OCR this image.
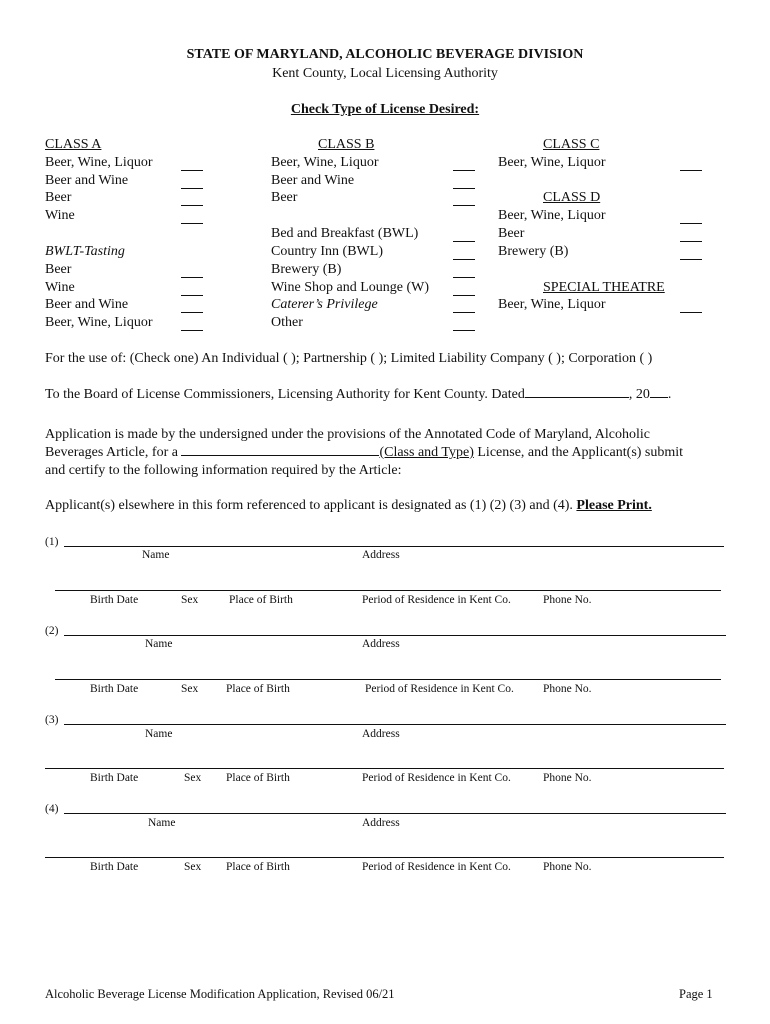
STATE OF MARYLAND, ALCOHOLIC BEVERAGE DIVISION
Kent County, Local Licensing Authority
Check Type of License Desired:
CLASS A
Beer, Wine, Liquor
Beer and Wine
Beer
Wine
BWLT-Tasting
Beer
Wine
Beer and Wine
Beer, Wine, Liquor
CLASS B
Beer, Wine, Liquor
Beer and Wine
Beer
Bed and Breakfast (BWL)
Country Inn (BWL)
Brewery (B)
Wine Shop and Lounge (W)
Caterer’s Privilege
Other
CLASS C
Beer, Wine, Liquor
CLASS D
Beer, Wine, Liquor
Beer
Brewery (B)
SPECIAL THEATRE
Beer, Wine, Liquor
For the use of: (Check one) An Individual ( ); Partnership ( ); Limited Liability Company ( ); Corporation ( )
To the Board of License Commissioners, Licensing Authority for Kent County. Dated	, 20 .
Application is made by the undersigned under the provisions of the Annotated Code of Maryland, Alcoholic
Beverages Article, for a	(Class and Type) License, and the Applicant(s) submit
and certify to the following information required by the Article:
Applicant(s) elsewhere in this form referenced to applicant is designated as (1) (2) (3) and (4). Please Print.
(1)
Name	Address
Birth Date	Sex	Place of Birth	Period of Residence in Kent Co.	Phone No.
(2)
Name	Address
Birth Date	Sex Place of Birth	Period of Residence in Kent Co.	Phone No.
(3)
Name	Address
Birth Date	Sex Place of Birth	Period of Residence in Kent Co.	Phone No.
(4)
Name	Address
Birth Date	Sex Place of Birth	Period of Residence in Kent Co.	Phone No.
Alcoholic Beverage License Modification Application, Revised 06/21	Page 1
